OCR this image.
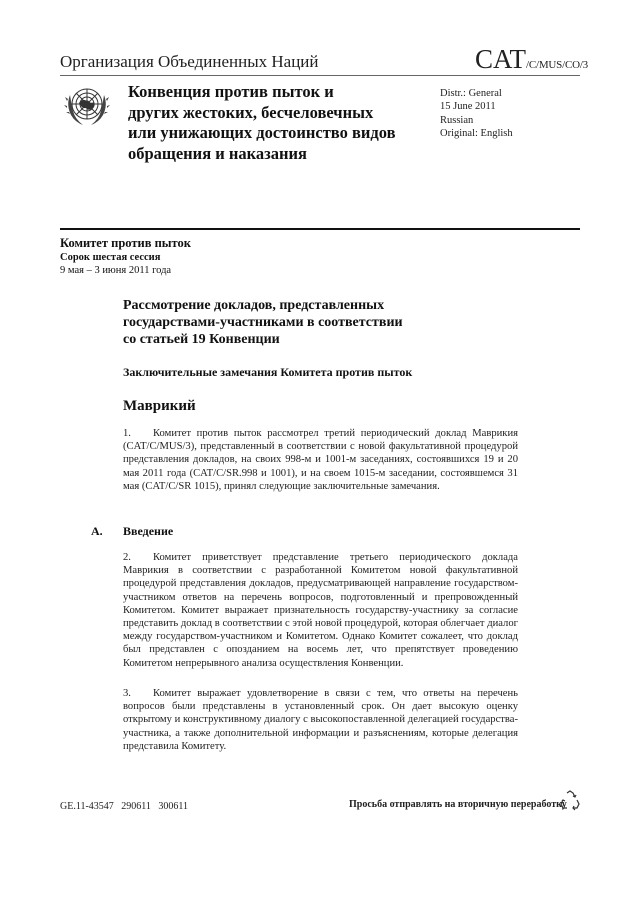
Организация Объединенных Наций	CAT/C/MUS/CO/3
Конвенция против пыток и
других жестоких, бесчеловечных
или унижающих достоинство видов
обращения и наказания
Distr.: General
15 June 2011
Russian
Original: English
Комитет против пыток
Сорок шестая сессия
9 мая – 3 июня 2011 года
Рассмотрение докладов, представленных
государствами-участниками в соответствии
со статьей 19 Конвенции
Заключительные замечания Комитета против пыток
Маврикий
1. Комитет против пыток рассмотрел третий периодический доклад Маврикия (CAT/C/MUS/3), представленный в соответствии с новой факультативной процедурой представления докладов, на своих 998-м и 1001-м заседаниях, состоявшихся 19 и 20 мая 2011 года (CAT/C/SR.998 и 1001), и на своем 1015-м заседании, состоявшемся 31 мая (CAT/C/SR 1015), принял следующие заключительные замечания.
A. Введение
2. Комитет приветствует представление третьего периодического доклада Маврикия в соответствии с разработанной Комитетом новой факультативной процедурой представления докладов, предусматривающей направление государством-участником ответов на перечень вопросов, подготовленный и препровожденный Комитетом. Комитет выражает признательность государству-участнику за согласие представить доклад в соответствии с этой новой процедурой, которая облегчает диалог между государством-участником и Комитетом. Однако Комитет сожалеет, что доклад был представлен с опозданием на восемь лет, что препятствует проведению Комитетом непрерывного анализа осуществления Конвенции.
3. Комитет выражает удовлетворение в связи с тем, что ответы на перечень вопросов были представлены в установленный срок. Он дает высокую оценку открытому и конструктивному диалогу с высокопоставленной делегацией государства-участника, а также дополнительной информации и разъяснениям, которые делегация представила Комитету.
GE.11-43547   290611   300611	Просьба отправлять на вторичную переработку
